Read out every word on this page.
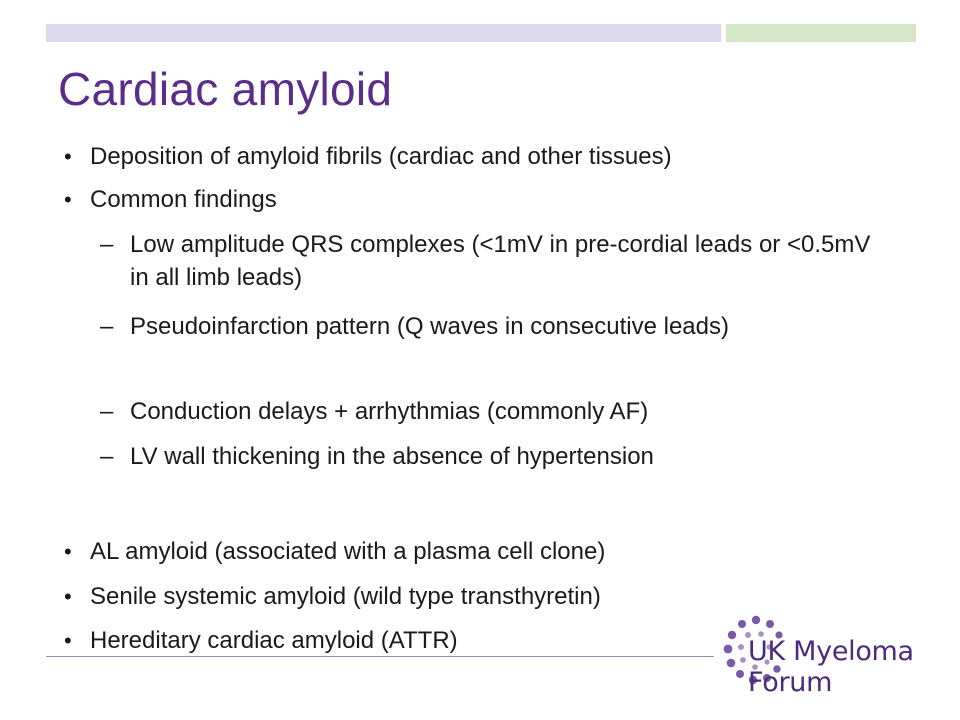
Cardiac amyloid
• Deposition of amyloid fibrils (cardiac and other tissues)
• Common findings
– Low amplitude QRS complexes (<1mV in pre-cordial leads or <0.5mV in all limb leads)
– Pseudoinfarction pattern (Q waves in consecutive leads)
– Conduction delays + arrhythmias (commonly AF)
– LV wall thickening in the absence of hypertension
• AL amyloid (associated with a plasma cell clone)
• Senile systemic amyloid (wild type transthyretin)
• Hereditary cardiac amyloid (ATTR)	UK Myeloma Forum
